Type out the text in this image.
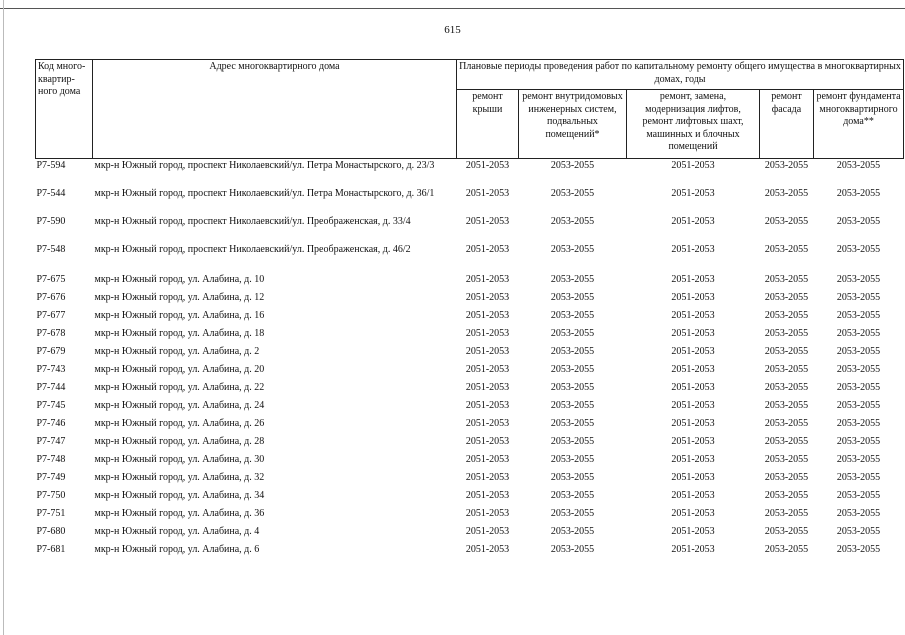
615
Код много-квартир-ного дома	Адрес многоквартирного дома	Плановые периоды проведения работ по капитальному ремонту общего имущества в многоквартирных домах, годы				
		ремонт крыши	ремонт внутридомовых инженерных систем, подвальных помещений*	ремонт, замена, модернизация лифтов, ремонт лифтовых шахт, машинных и блочных помещений	ремонт фасада	ремонт фундамента многоквартирного дома**
Р7-594	мкр-н Южный город, проспект Николаевский/ул. Петра Монастырского, д. 23/3	2051-2053	2053-2055	2051-2053	2053-2055	2053-2055
Р7-544	мкр-н Южный город, проспект Николаевский/ул. Петра Монастырского, д. 36/1	2051-2053	2053-2055	2051-2053	2053-2055	2053-2055
Р7-590	мкр-н Южный город, проспект Николаевский/ул. Преображенская, д. 33/4	2051-2053	2053-2055	2051-2053	2053-2055	2053-2055
Р7-548	мкр-н Южный город, проспект Николаевский/ул. Преображенская, д. 46/2	2051-2053	2053-2055	2051-2053	2053-2055	2053-2055
Р7-675	мкр-н Южный город, ул. Алабина, д. 10	2051-2053	2053-2055	2051-2053	2053-2055	2053-2055
Р7-676	мкр-н Южный город, ул. Алабина, д. 12	2051-2053	2053-2055	2051-2053	2053-2055	2053-2055
Р7-677	мкр-н Южный город, ул. Алабина, д. 16	2051-2053	2053-2055	2051-2053	2053-2055	2053-2055
Р7-678	мкр-н Южный город, ул. Алабина, д. 18	2051-2053	2053-2055	2051-2053	2053-2055	2053-2055
Р7-679	мкр-н Южный город, ул. Алабина, д. 2	2051-2053	2053-2055	2051-2053	2053-2055	2053-2055
Р7-743	мкр-н Южный город, ул. Алабина, д. 20	2051-2053	2053-2055	2051-2053	2053-2055	2053-2055
Р7-744	мкр-н Южный город, ул. Алабина, д. 22	2051-2053	2053-2055	2051-2053	2053-2055	2053-2055
Р7-745	мкр-н Южный город, ул. Алабина, д. 24	2051-2053	2053-2055	2051-2053	2053-2055	2053-2055
Р7-746	мкр-н Южный город, ул. Алабина, д. 26	2051-2053	2053-2055	2051-2053	2053-2055	2053-2055
Р7-747	мкр-н Южный город, ул. Алабина, д. 28	2051-2053	2053-2055	2051-2053	2053-2055	2053-2055
Р7-748	мкр-н Южный город, ул. Алабина, д. 30	2051-2053	2053-2055	2051-2053	2053-2055	2053-2055
Р7-749	мкр-н Южный город, ул. Алабина, д. 32	2051-2053	2053-2055	2051-2053	2053-2055	2053-2055
Р7-750	мкр-н Южный город, ул. Алабина, д. 34	2051-2053	2053-2055	2051-2053	2053-2055	2053-2055
Р7-751	мкр-н Южный город, ул. Алабина, д. 36	2051-2053	2053-2055	2051-2053	2053-2055	2053-2055
Р7-680	мкр-н Южный город, ул. Алабина, д. 4	2051-2053	2053-2055	2051-2053	2053-2055	2053-2055
Р7-681	мкр-н Южный город, ул. Алабина, д. 6	2051-2053	2053-2055	2051-2053	2053-2055	2053-2055
